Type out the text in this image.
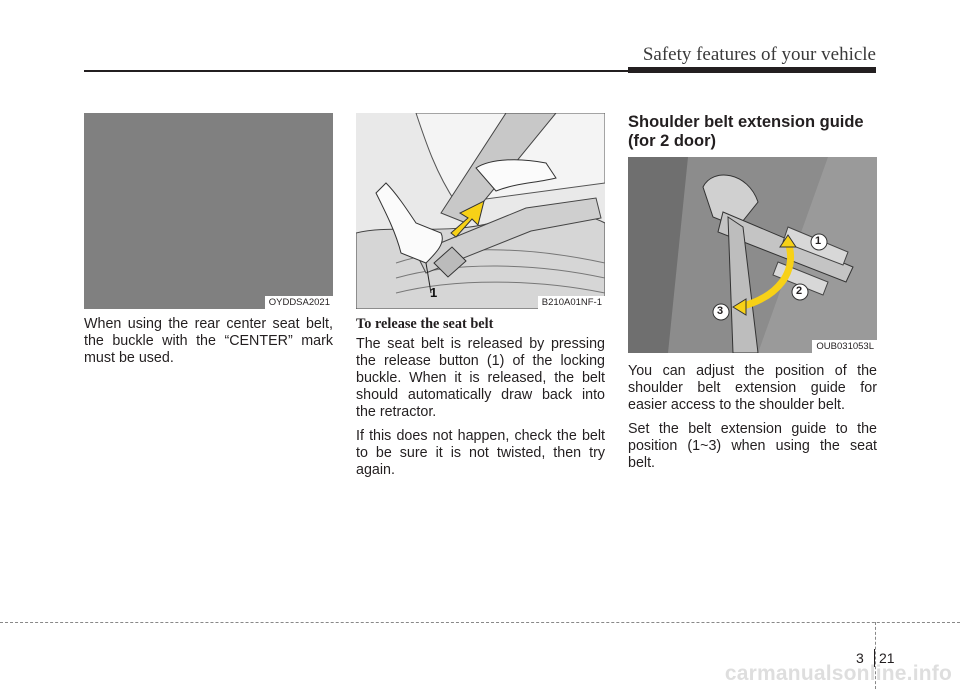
Safety features of your vehicle
OYDDSA2021

When using the rear center seat belt, the buckle with the “CENTER” mark must be used.

1
B210A01NF-1
To release the seat belt

The seat belt is released by pressing the release button (1) of the locking buckle. When it is released, the belt should automatically draw back into the retractor.

If this does not happen, check the belt to be sure it is not twisted, then try again.

Shoulder belt extension guide
(for 2 door)
1
2
3
OUB031053L

You can adjust the position of the shoulder belt extension guide for easier access to the shoulder belt.

Set the belt extension guide to the position (1~3) when using the seat belt.

3 21
carmanualsonline.info
